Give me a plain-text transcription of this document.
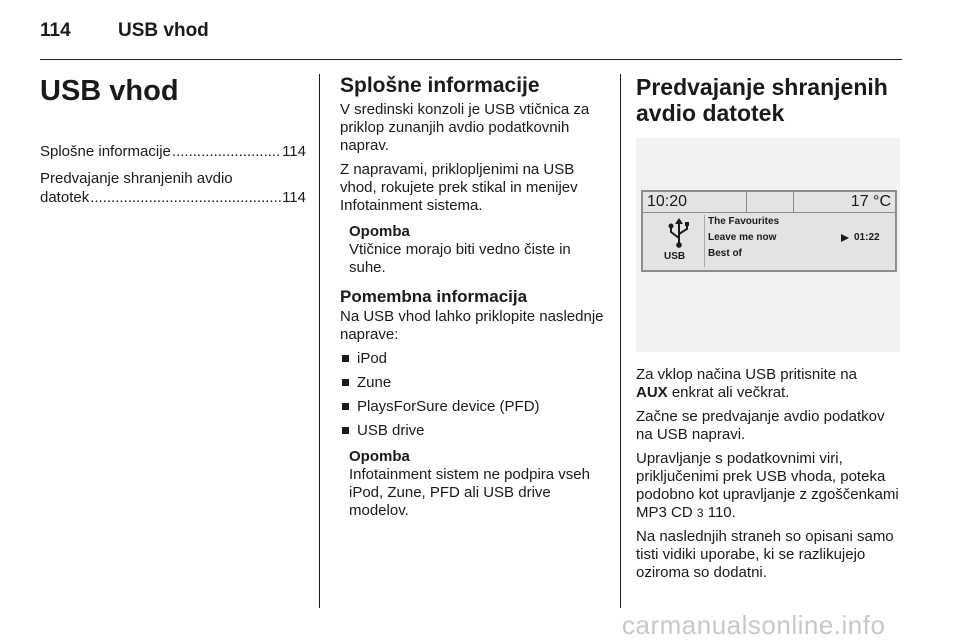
114 USB vhod
USB vhod
Splošne informacije .....	114
Predvajanje shranjenih avdio
datotek .....	114
Splošne informacije

V sredinski konzoli je USB vtičnica za priklop zunanjih avdio podatkovnih naprav.

Z napravami, priklopljenimi na USB vhod, rokujete prek stikal in menijev Infotainment sistema.

Opomba
Vtičnice morajo biti vedno čiste in suhe.
Pomembna informacija

Na USB vhod lahko priklopite naslednje naprave:

iPod
Zune
PlaysForSure device (PFD)
USB drive
Opomba
Infotainment sistem ne podpira vseh iPod, Zune, PFD ali USB drive modelov.
Predvajanje shranjenih avdio datotek
10:20	17 °C
USB
The Favourites
Leave me now
Best of
01:22

Za vklop načina USB pritisnite na
AUX enkrat ali večkrat.

Začne se predvajanje avdio podatkov na USB napravi.

Upravljanje s podatkovnimi viri, priključenimi prek USB vhoda, poteka podobno kot upravljanje z zgoščenkami MP3 CD 3 110.

Na naslednjih straneh so opisani samo tisti vidiki uporabe, ki se razlikujejo oziroma so dodatni.

carmanualsonline.info
